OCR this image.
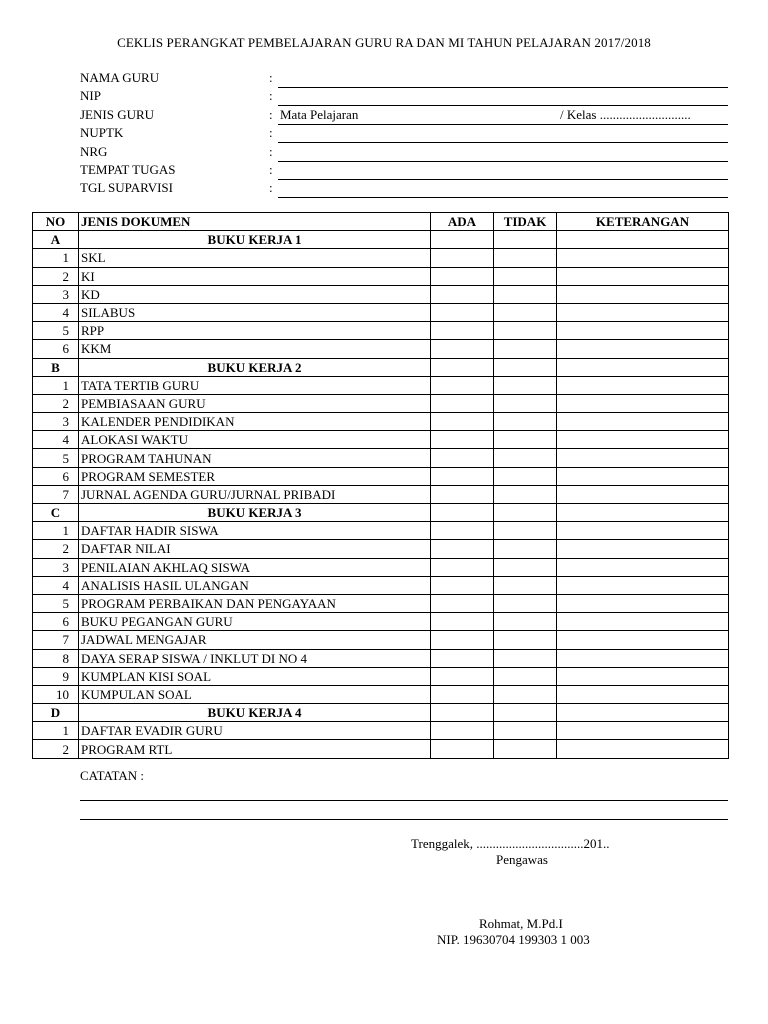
CEKLIS PERANGKAT PEMBELAJARAN GURU RA DAN MI TAHUN PELAJARAN 2017/2018
NAMA GURU	:
NIP	:
JENIS GURU	: Mata Pelajaran	/ Kelas ............................
NUPTK	:
NRG	:
TEMPAT TUGAS	:
TGL SUPARVISI	:
NO	JENIS DOKUMEN	ADA	TIDAK	KETERANGAN
A	BUKU KERJA 1			
1	SKL			
2	KI			
3	KD			
4	SILABUS			
5	RPP			
6	KKM			
B	BUKU KERJA 2			
1	TATA TERTIB GURU			
2	PEMBIASAAN GURU			
3	KALENDER PENDIDIKAN			
4	ALOKASI WAKTU			
5	PROGRAM TAHUNAN			
6	PROGRAM SEMESTER			
7	JURNAL AGENDA GURU/JURNAL PRIBADI			
C	BUKU KERJA 3			
1	DAFTAR HADIR SISWA			
2	DAFTAR NILAI			
3	PENILAIAN AKHLAQ SISWA			
4	ANALISIS HASIL ULANGAN			
5	PROGRAM PERBAIKAN DAN PENGAYAAN			
6	BUKU PEGANGAN GURU			
7	JADWAL MENGAJAR			
8	DAYA SERAP SISWA / INKLUT DI NO 4			
9	KUMPLAN KISI SOAL			
10	KUMPULAN SOAL			
D	BUKU KERJA 4			
1	DAFTAR EVADIR GURU			
2	PROGRAM RTL			
CATATAN :
Trenggalek, .................................201..
Pengawas
Rohmat, M.Pd.I
NIP. 19630704 199303 1 003
